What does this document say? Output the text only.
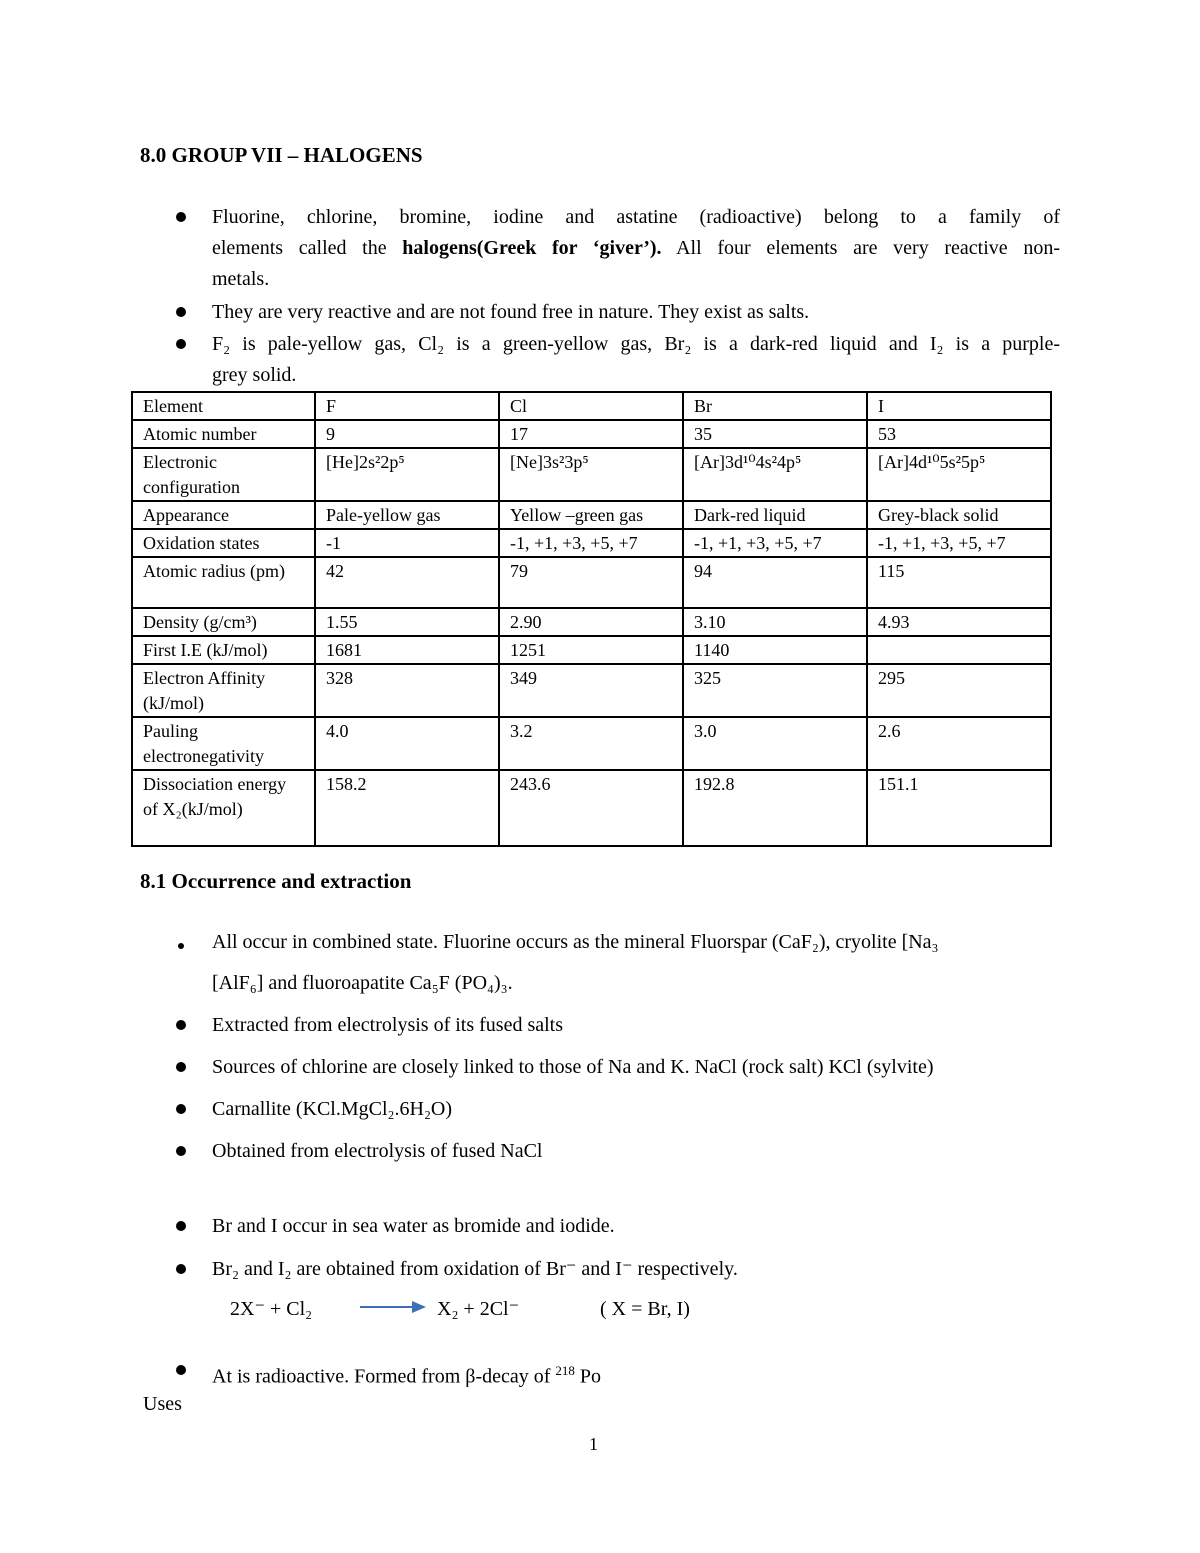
8.0 GROUP VII – HALOGENS
Fluorine, chlorine, bromine, iodine and astatine (radioactive) belong to a family of
elements called the halogens(Greek for ‘giver’). All four elements are very reactive non-
metals.
They are very reactive and are not found free in nature. They exist as salts.
F₂ is pale-yellow gas, Cl₂ is a green-yellow gas, Br₂ is a dark-red liquid and I₂ is a purple-
grey solid.
Element	F	Cl	Br	I
Atomic number	9	17	35	53
Electronic configuration	[He]2s²2p⁵	[Ne]3s²3p⁵	[Ar]3d¹⁰4s²4p⁵	[Ar]4d¹⁰5s²5p⁵
Appearance	Pale-yellow gas	Yellow –green gas	Dark-red liquid	Grey-black solid
Oxidation states	-1	-1, +1, +3, +5, +7	-1, +1, +3, +5, +7	-1, +1, +3, +5, +7
Atomic radius (pm)	42	79	94	115
Density (g/cm³)	1.55	2.90	3.10	4.93
First I.E (kJ/mol)	1681	1251	1140	
Electron Affinity (kJ/mol)	328	349	325	295
Pauling electronegativity	4.0	3.2	3.0	2.6
Dissociation energy of X₂(kJ/mol)	158.2	243.6	192.8	151.1
8.1 Occurrence and extraction
All occur in combined state. Fluorine occurs as the mineral Fluorspar (CaF₂), cryolite [Na₃
[AlF₆] and fluoroapatite Ca₅F (PO₄)₃.
Extracted from electrolysis of its fused salts
Sources of chlorine are closely linked to those of Na and K. NaCl (rock salt) KCl (sylvite)
Carnallite (KCl.MgCl₂.6H₂O)
Obtained from electrolysis of fused NaCl
Br and I occur in sea water as bromide and iodide.
Br₂ and I₂ are obtained from oxidation of Br⁻ and I⁻ respectively.
2X⁻ + Cl₂	X₂ + 2Cl⁻	( X = Br, I)
At is radioactive. Formed from β-decay of $^{218}$ Po
Uses
1
